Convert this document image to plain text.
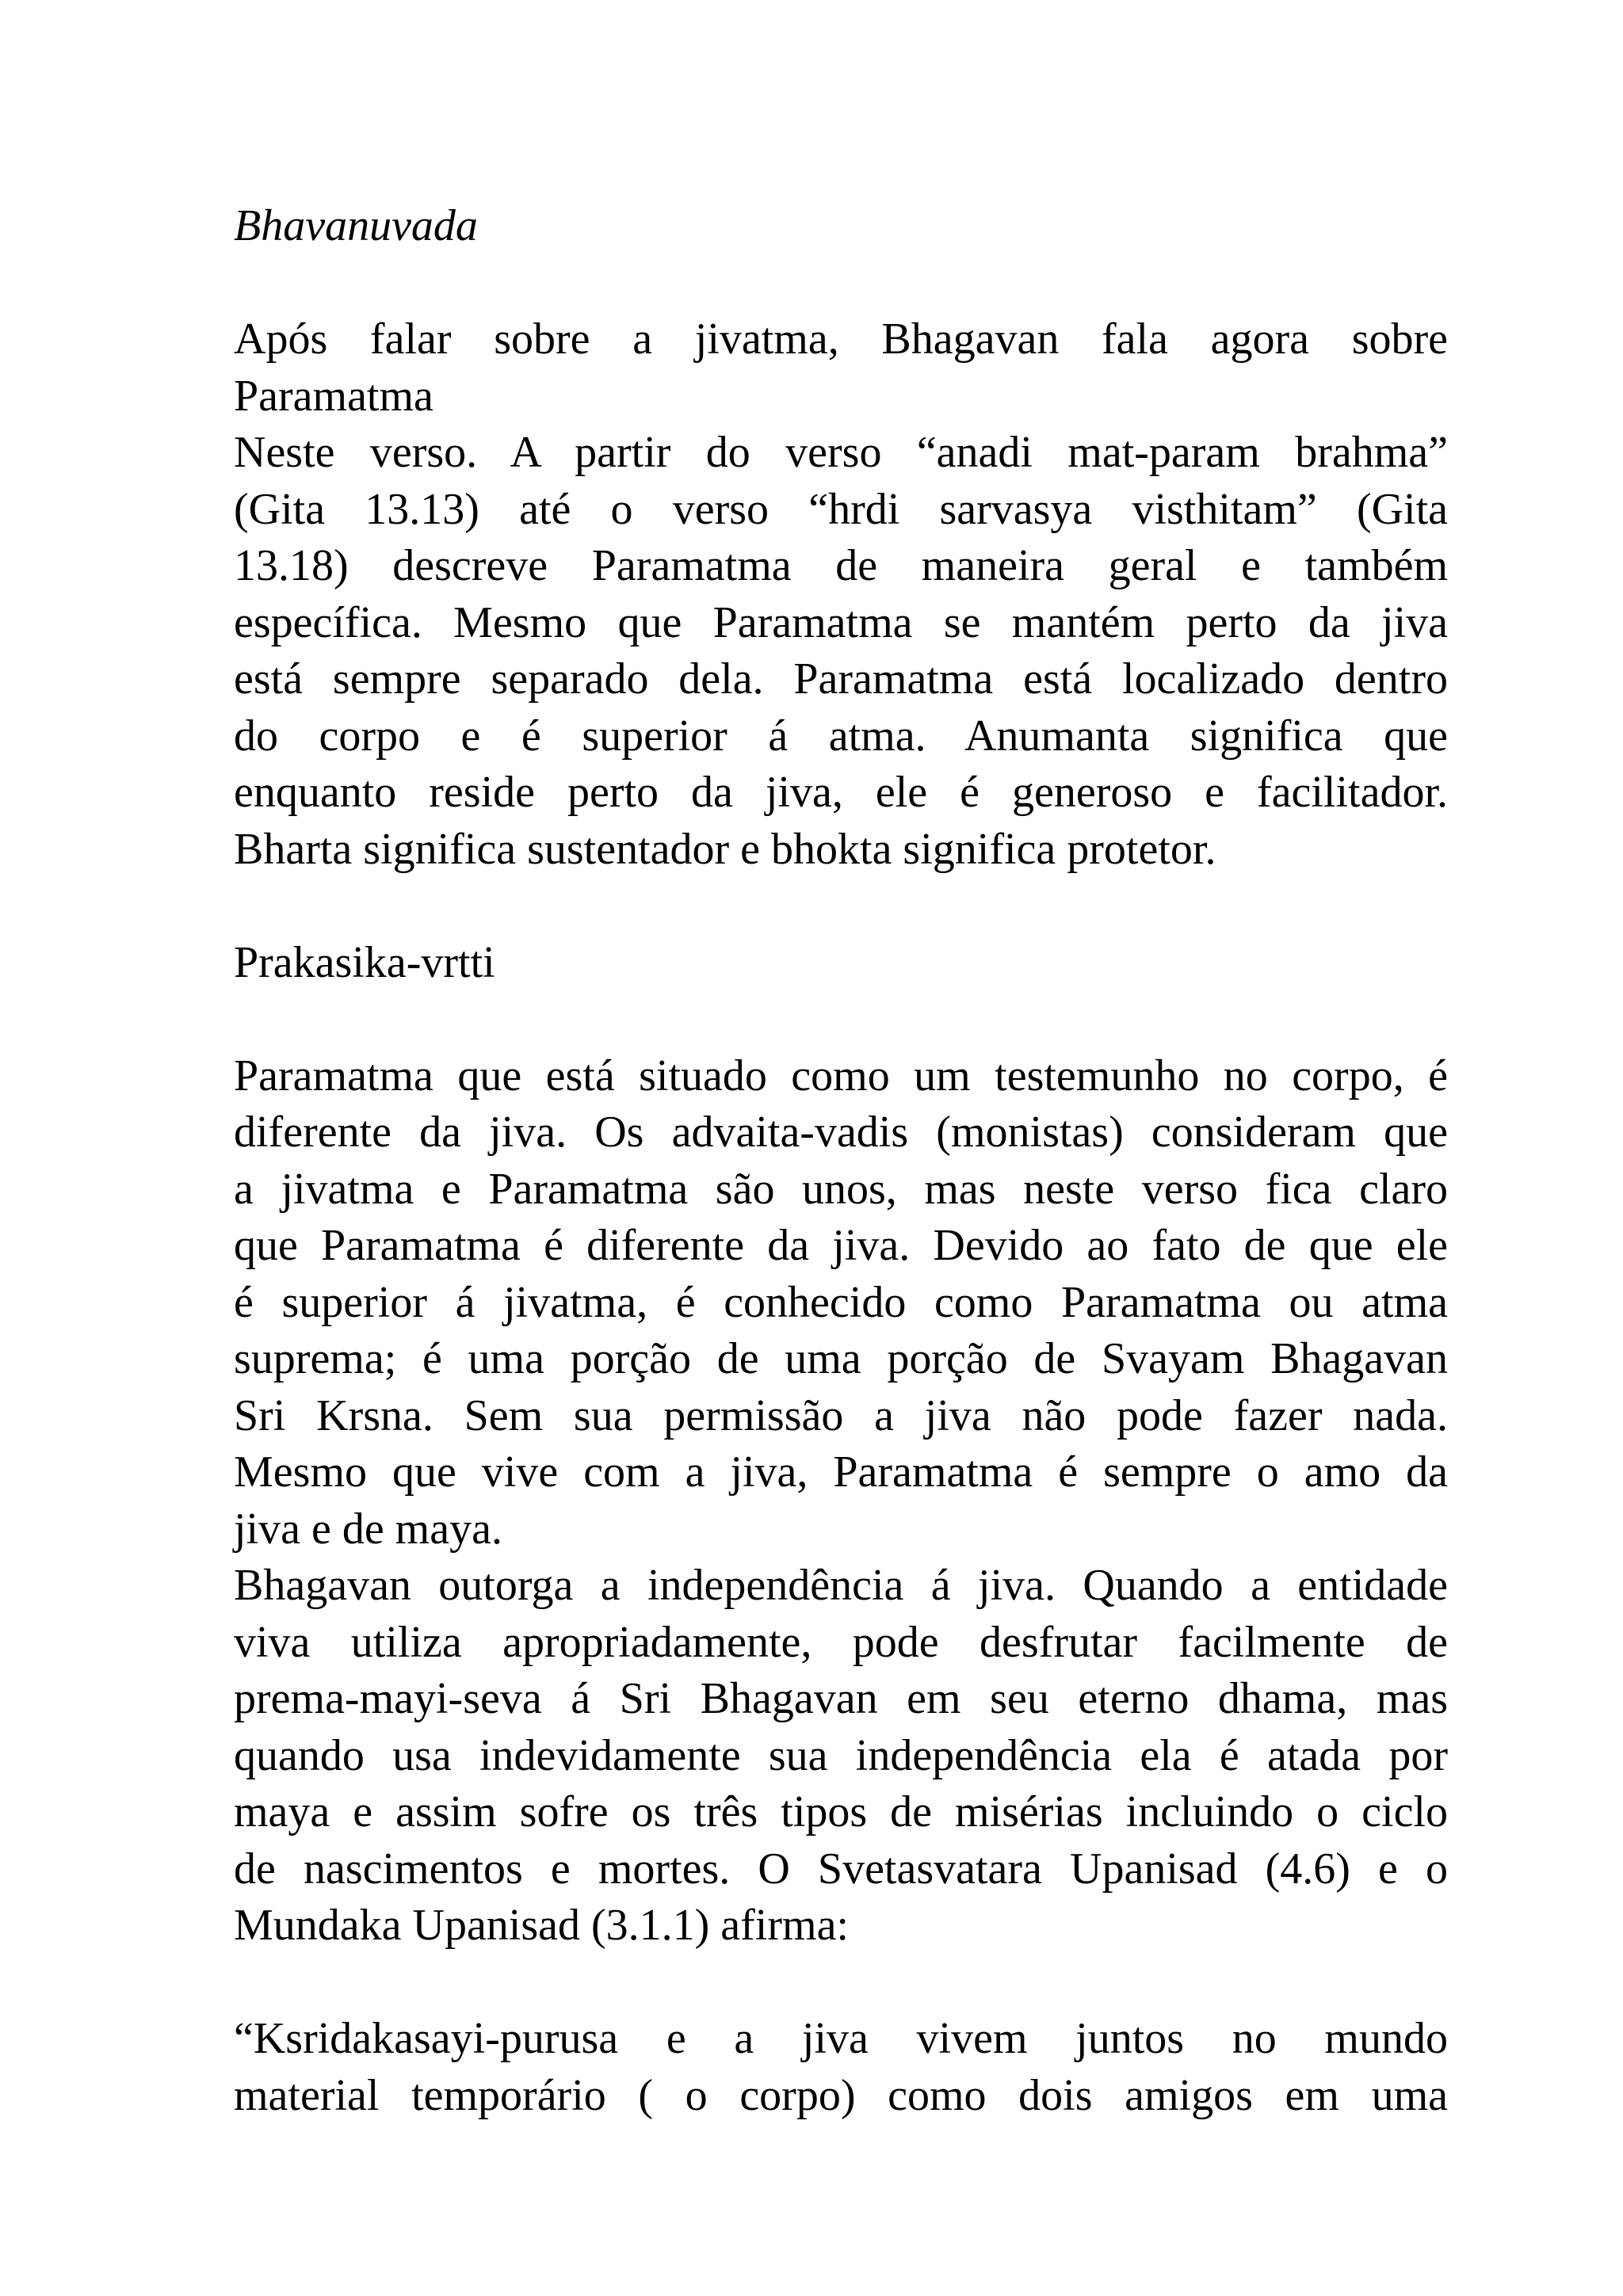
Bhavanuvada

Após falar sobre a jivatma, Bhagavan fala agora sobre
Paramatma
Neste verso. A partir do verso “anadi mat-param brahma”
(Gita 13.13) até o verso “hrdi sarvasya visthitam” (Gita
13.18) descreve Paramatma de maneira geral e também
específica. Mesmo que Paramatma se mantém perto da jiva
está sempre separado dela. Paramatma está localizado dentro
do corpo e é superior á atma. Anumanta significa que
enquanto reside perto da jiva, ele é generoso e facilitador.
Bharta significa sustentador e bhokta significa protetor.

Prakasika-vrtti

Paramatma que está situado como um testemunho no corpo, é
diferente da jiva. Os advaita-vadis (monistas) consideram que
a jivatma e Paramatma são unos, mas neste verso fica claro
que Paramatma é diferente da jiva. Devido ao fato de que ele
é superior á jivatma, é conhecido como Paramatma ou atma
suprema; é uma porção de uma porção de Svayam Bhagavan
Sri Krsna. Sem sua permissão a jiva não pode fazer nada.
Mesmo que vive com a jiva, Paramatma é sempre o amo da
jiva e de maya.
Bhagavan outorga a independência á jiva. Quando a entidade
viva utiliza apropriadamente, pode desfrutar facilmente de
prema-mayi-seva á Sri Bhagavan em seu eterno dhama, mas
quando usa indevidamente sua independência ela é atada por
maya e assim sofre os três tipos de misérias incluindo o ciclo
de nascimentos e mortes. O Svetasvatara Upanisad (4.6) e o
Mundaka Upanisad (3.1.1) afirma:
“Ksridakasayi-purusa e a jiva vivem juntos no mundo
material temporário ( o corpo) como dois amigos em uma
